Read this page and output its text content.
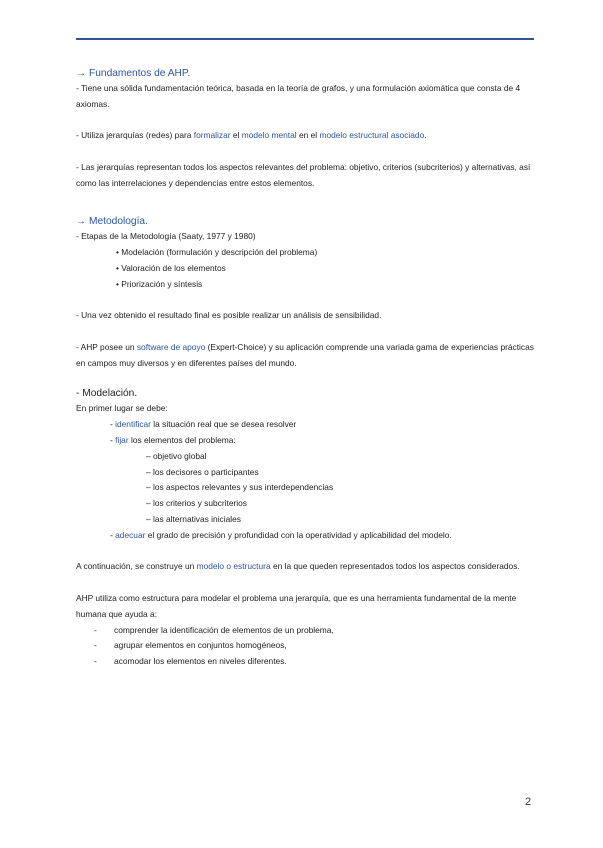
→ Fundamentos de AHP.

- Tiene una sólida fundamentación teórica, basada en la teoría de grafos, y una formulación axiomática que consta de 4 axiomas.

- Utiliza jerarquías (redes) para formalizar el modelo mental en el modelo estructural asociado.

- Las jerarquías representan todos los aspectos relevantes del problema: objetivo, criterios (subcriterios) y alternativas, así como las interrelaciones y dependencias entre estos elementos.

→ Metodología.

- Etapas de la Metodología (Saaty, 1977 y 1980)

• Modelación (formulación y descripción del problema)

• Valoración de los elementos

• Priorización y síntesis

- Una vez obtenido el resultado final es posible realizar un análisis de sensibilidad.

- AHP posee un software de apoyo (Expert-Choice) y su aplicación comprende una variada gama de experiencias prácticas en campos muy diversos y en diferentes países del mundo.

- Modelación.

En primer lugar se debe:

- identificar la situación real que se desea resolver

- fijar los elementos del problema:

– objetivo global

– los decisores o participantes

– los aspectos relevantes y sus interdependencias

– los criterios y subcriterios

– las alternativas iniciales

- adecuar el grado de precisión y profundidad con la operatividad y aplicabilidad del modelo.

A continuación, se construye un modelo o estructura en la que queden representados todos los aspectos considerados.

AHP utiliza como estructura para modelar el problema una jerarquía, que es una herramienta fundamental de la mente humana que ayuda a:

- comprender la identificación de elementos de un problema,

- agrupar elementos en conjuntos homogéneos,

- acomodar los elementos en niveles diferentes.

2
